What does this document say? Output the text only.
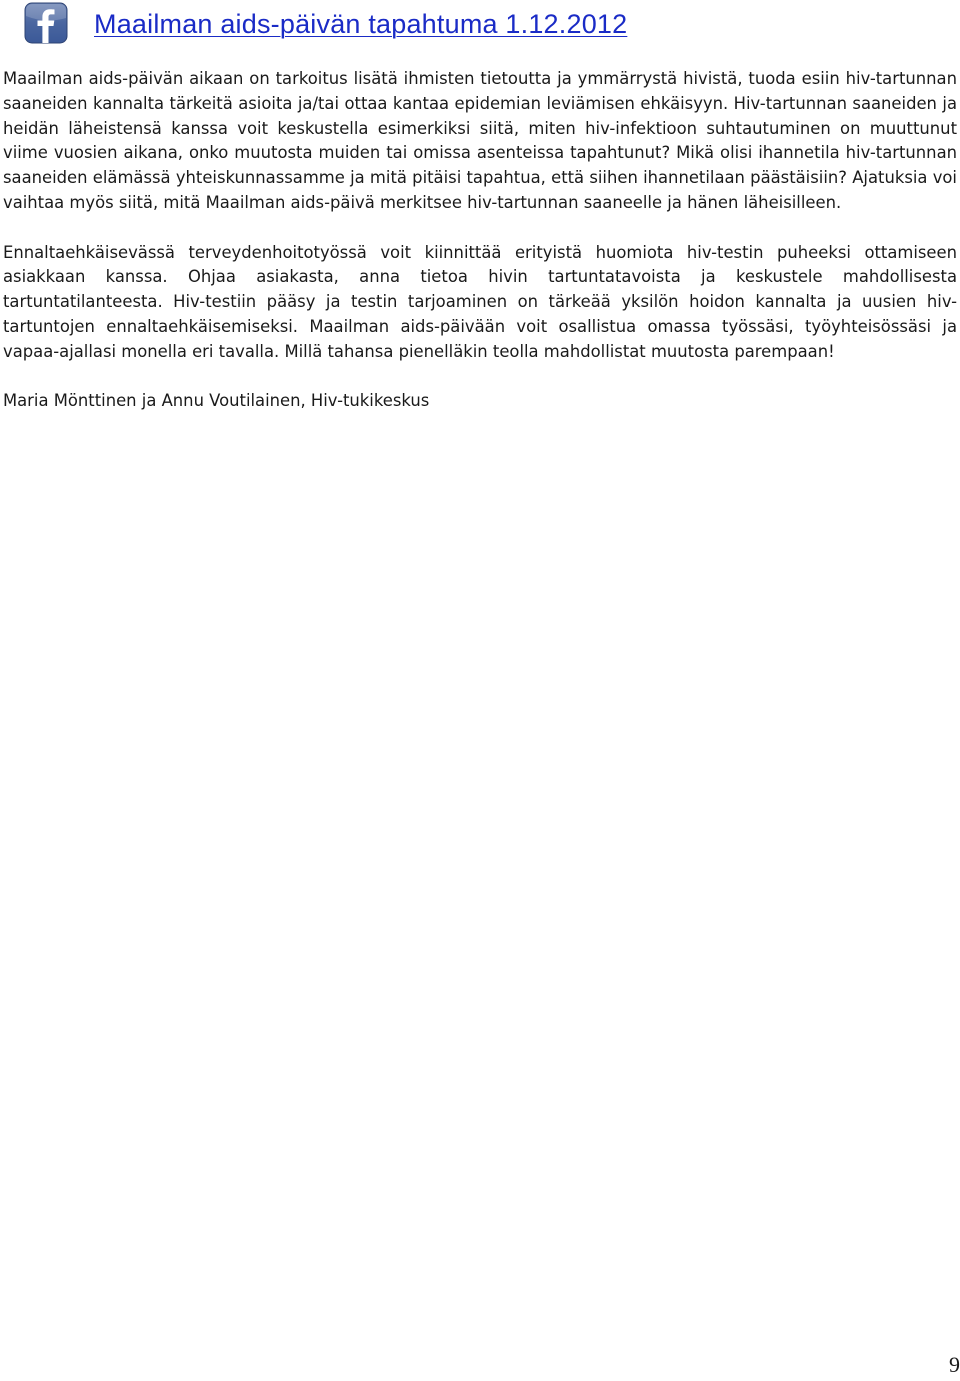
Maailman aids-päivän tapahtuma 1.12.2012

Maailman aids-päivän aikaan on tarkoitus lisätä ihmisten tietoutta ja ymmärrystä hivistä, tuoda esiin hiv-tartunnan saaneiden kannalta tärkeitä asioita ja/tai ottaa kantaa epidemian leviämisen ehkäisyyn. Hiv-tartunnan saaneiden ja heidän läheistensä kanssa voit keskustella esimerkiksi siitä, miten hiv-infektioon suhtautuminen on muuttunut viime vuosien aikana, onko muutosta muiden tai omissa asenteissa tapahtunut? Mikä olisi ihannetila hiv-tartunnan saaneiden elämässä yhteiskunnassamme ja mitä pitäisi tapahtua, että siihen ihannetilaan päästäisiin? Ajatuksia voi vaihtaa myös siitä, mitä Maailman aids-päivä merkitsee hiv-tartunnan saaneelle ja hänen läheisilleen.

Ennaltaehkäisevässä terveydenhoitotyössä voit kiinnittää erityistä huomiota hiv-testin puheeksi ottamiseen asiakkaan kanssa. Ohjaa asiakasta, anna tietoa hivin tartuntatavoista ja keskustele mahdollisesta tartuntatilanteesta. Hiv-testiin pääsy ja testin tarjoaminen on tärkeää yksilön hoidon kannalta ja uusien hiv-tartuntojen ennaltaehkäisemiseksi. Maailman aids-päivään voit osallistua omassa työssäsi, työyhteisössäsi ja vapaa-ajallasi monella eri tavalla. Millä tahansa pienelläkin teolla mahdollistat muutosta parempaan!

Maria Mönttinen ja Annu Voutilainen, Hiv-tukikeskus

9
